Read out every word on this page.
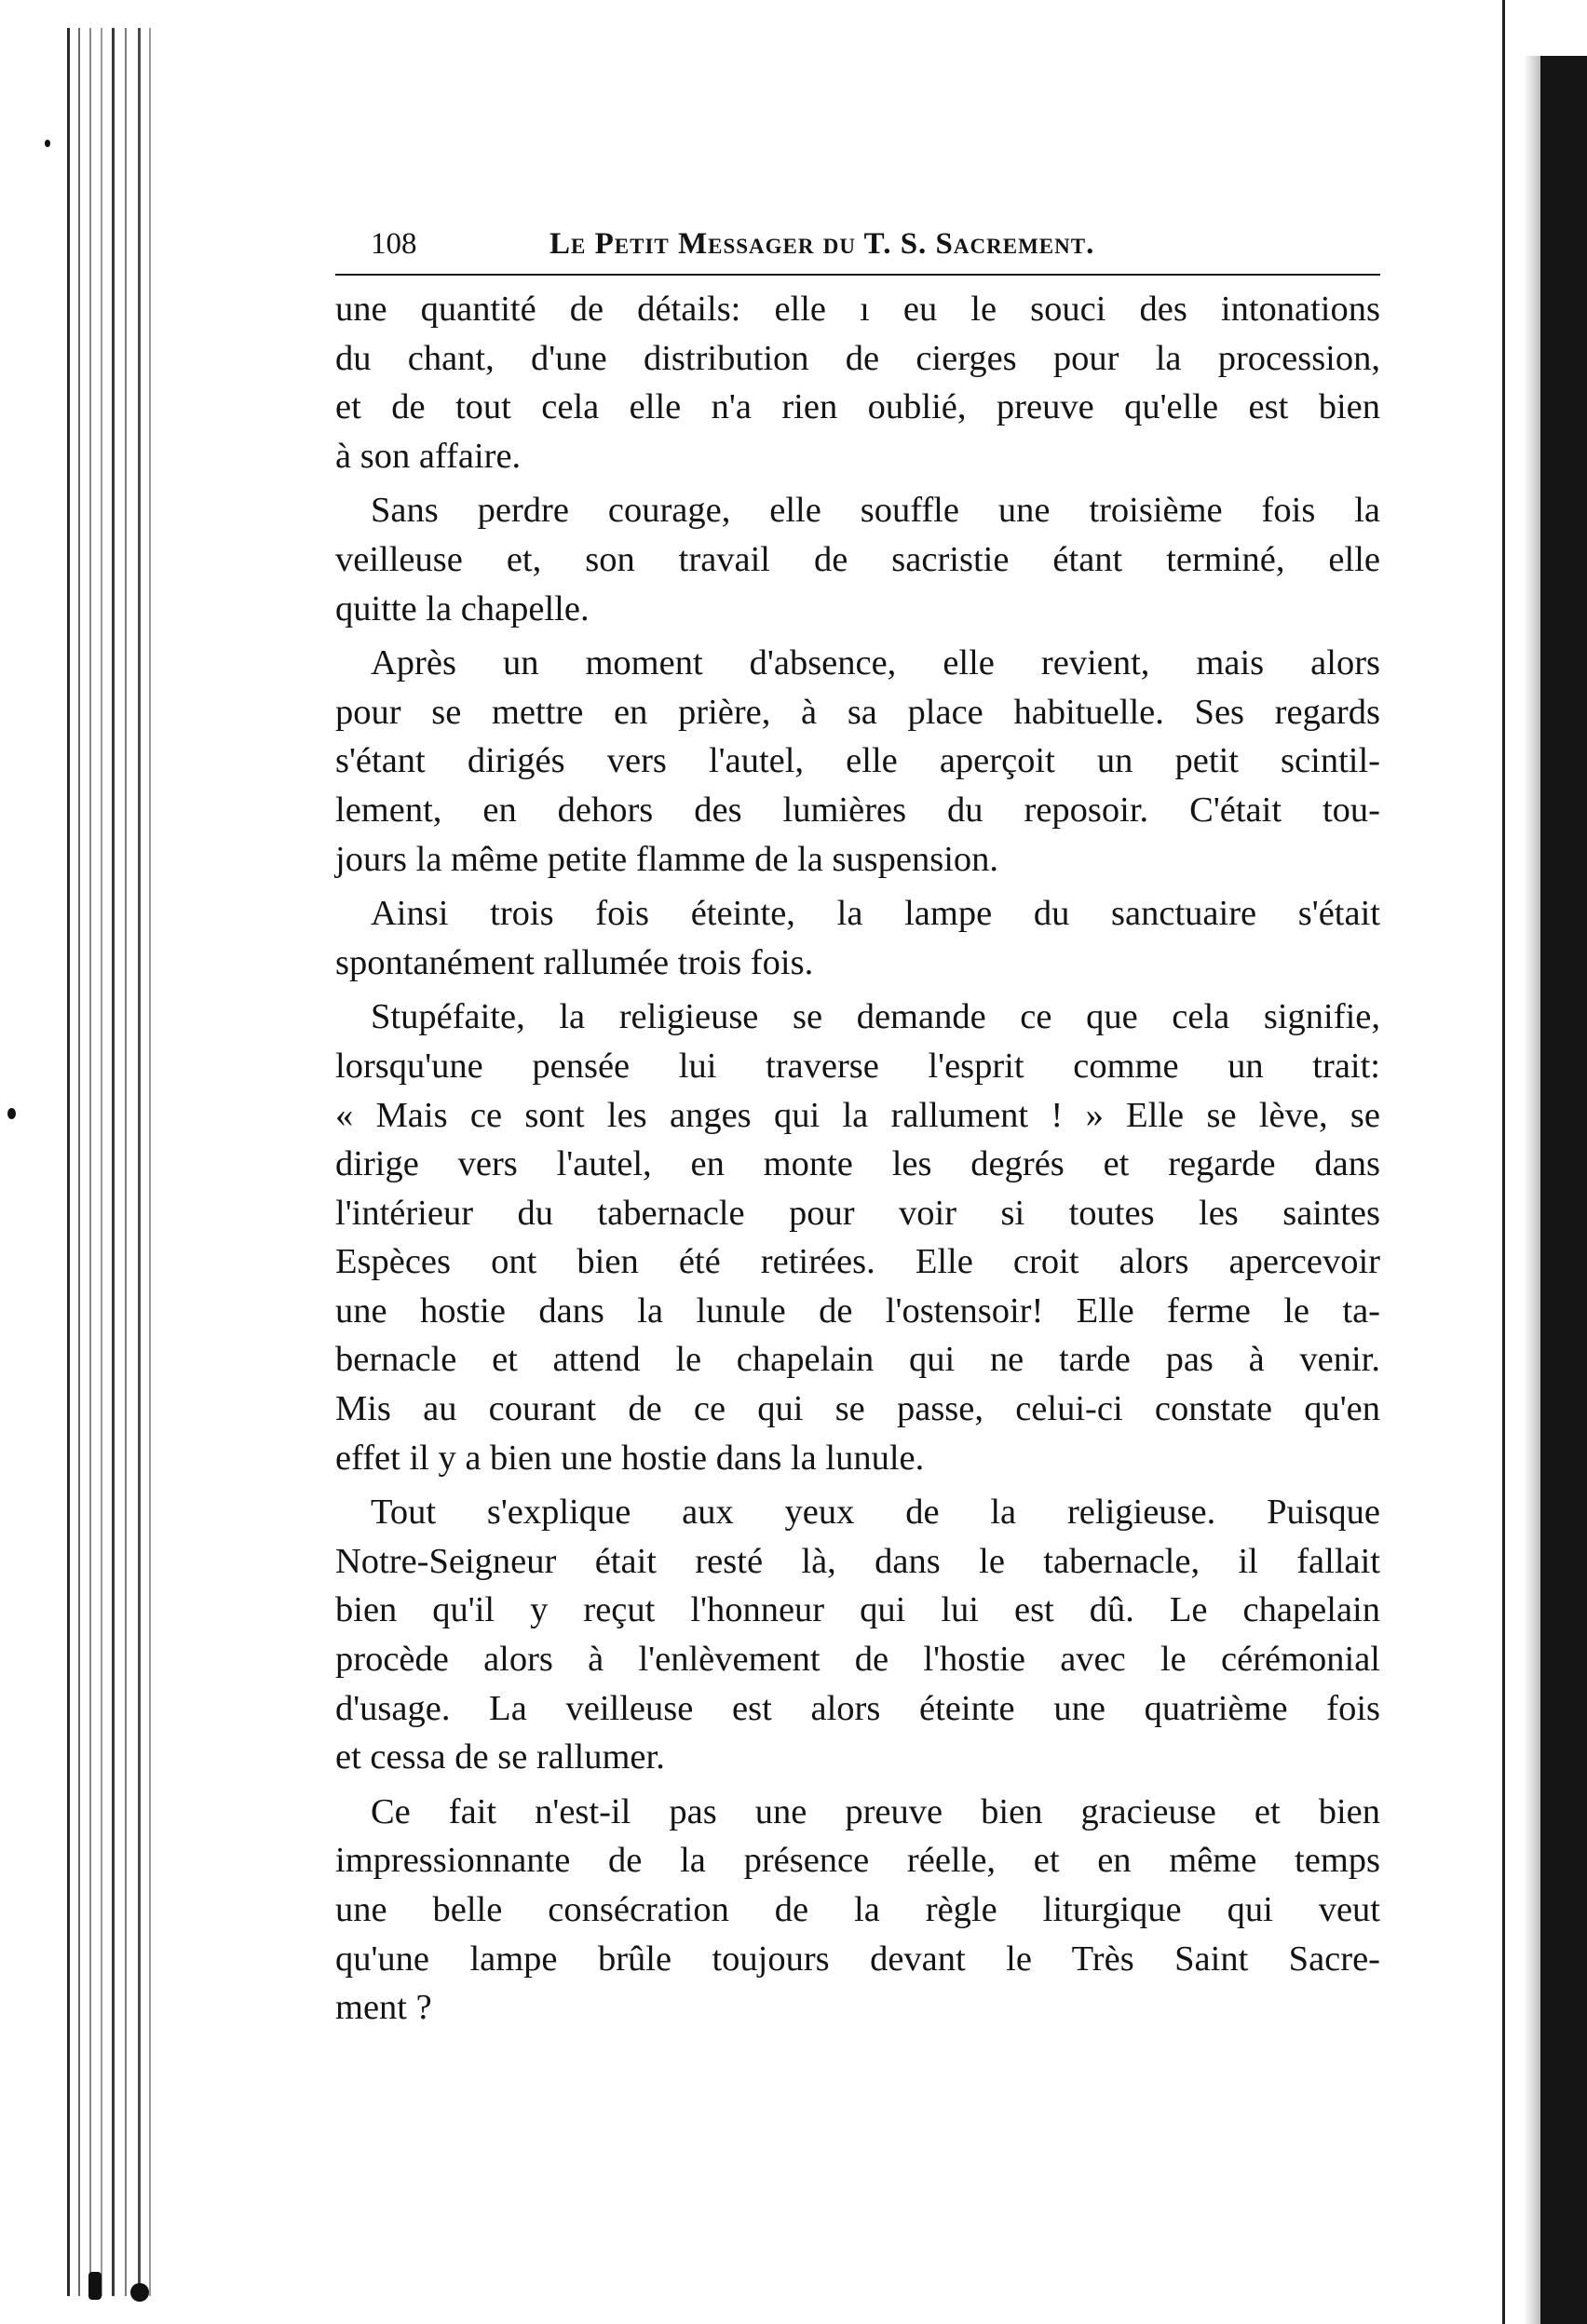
108	Le Petit Messager du T. S. Sacrement.

une quantité de détails: elle ı eu le souci des intonations
du chant, d'une distribution de cierges pour la procession,
et de tout cela elle n'a rien oublié, preuve qu'elle est bien
à son affaire.

Sans perdre courage, elle souffle une troisième fois la
veilleuse et, son travail de sacristie étant terminé, elle
quitte la chapelle.

Après un moment d'absence, elle revient, mais alors
pour se mettre en prière, à sa place habituelle. Ses regards
s'étant dirigés vers l'autel, elle aperçoit un petit scintil-
lement, en dehors des lumières du reposoir. C'était tou-
jours la même petite flamme de la suspension.

Ainsi trois fois éteinte, la lampe du sanctuaire s'était
spontanément rallumée trois fois.

Stupéfaite, la religieuse se demande ce que cela signifie,
lorsqu'une pensée lui traverse l'esprit comme un trait:
« Mais ce sont les anges qui la rallument ! » Elle se lève, se
dirige vers l'autel, en monte les degrés et regarde dans
l'intérieur du tabernacle pour voir si toutes les saintes
Espèces ont bien été retirées. Elle croit alors apercevoir
une hostie dans la lunule de l'ostensoir! Elle ferme le ta-
bernacle et attend le chapelain qui ne tarde pas à venir.
Mis au courant de ce qui se passe, celui-ci constate qu'en
effet il y a bien une hostie dans la lunule.

Tout s'explique aux yeux de la religieuse. Puisque
Notre-Seigneur était resté là, dans le tabernacle, il fallait
bien qu'il y reçut l'honneur qui lui est dû. Le chapelain
procède alors à l'enlèvement de l'hostie avec le cérémonial
d'usage. La veilleuse est alors éteinte une quatrième fois
et cessa de se rallumer.

Ce fait n'est-il pas une preuve bien gracieuse et bien
impressionnante de la présence réelle, et en même temps
une belle consécration de la règle liturgique qui veut
qu'une lampe brûle toujours devant le Très Saint Sacre-
ment ?
